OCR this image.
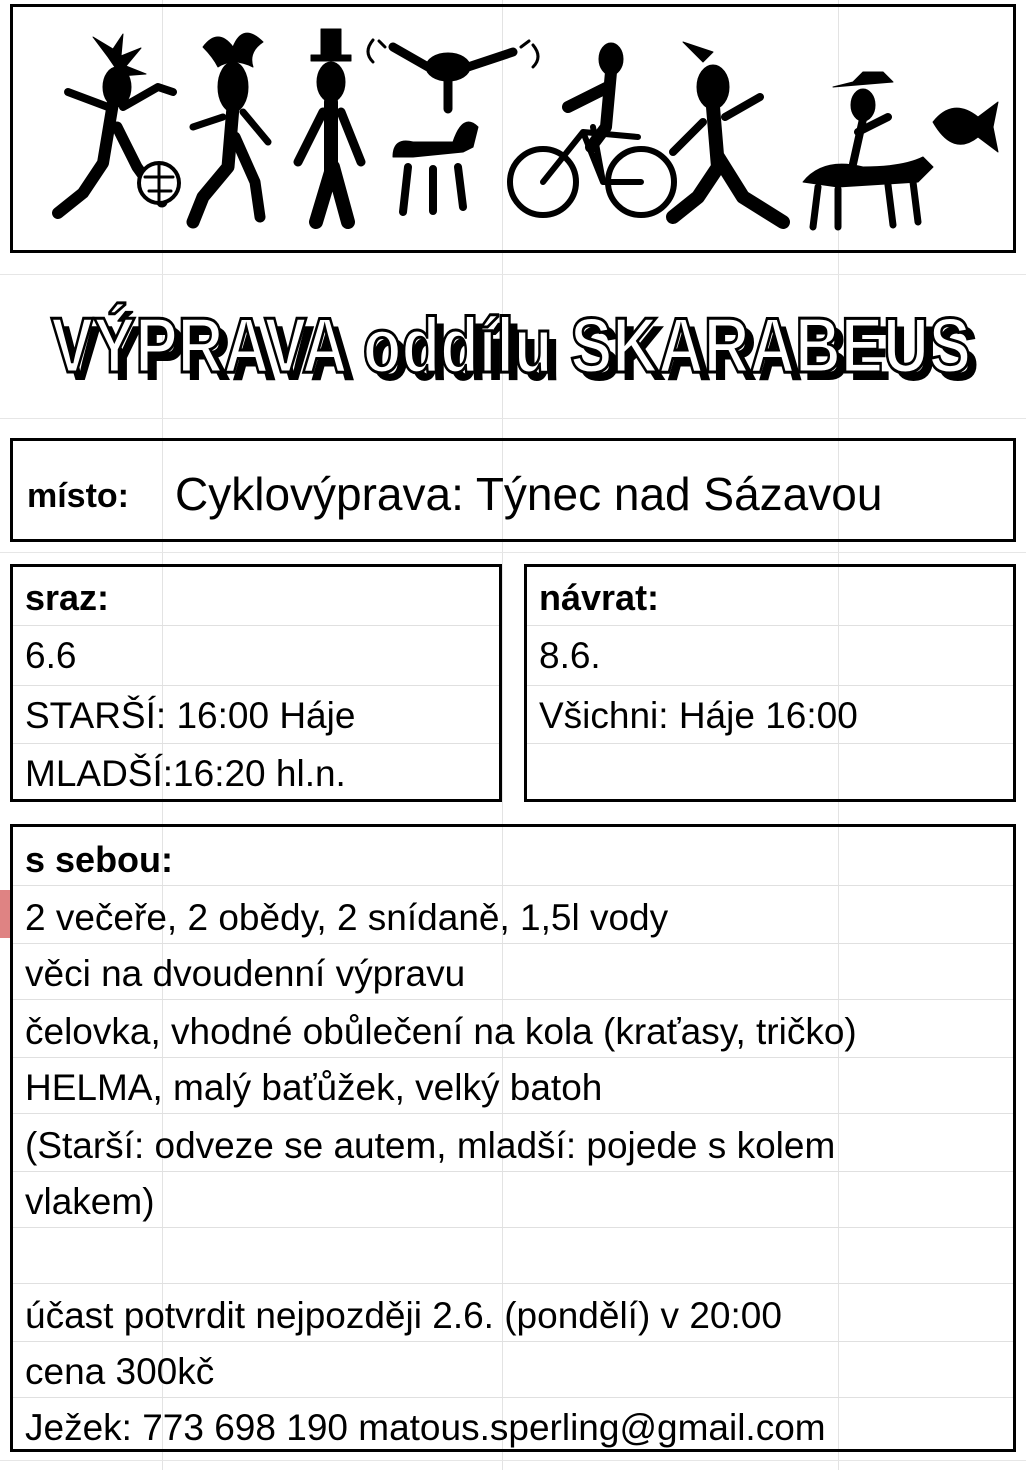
VÝPRAVA oddílu SKARABEUS
VÝPRAVA oddílu SKARABEUS
místo: Cyklovýprava: Týnec nad Sázavou
sraz:
6.6
STARŠÍ: 16:00 Háje
MLADŠÍ:16:20 hl.n.
návrat:
8.6.
Všichni: Háje 16:00
s sebou:
2 večeře, 2 obědy, 2 snídaně, 1,5l vody
věci na dvoudenní výpravu
čelovka, vhodné obůlečení na kola (kraťasy, tričko)
HELMA, malý baťůžek, velký batoh
(Starší: odveze se autem, mladší: pojede s kolem
vlakem)
účast potvrdit nejpozději 2.6. (pondělí) v 20:00
cena 300kč
Ježek: 773 698 190 matous.sperling@gmail.com
